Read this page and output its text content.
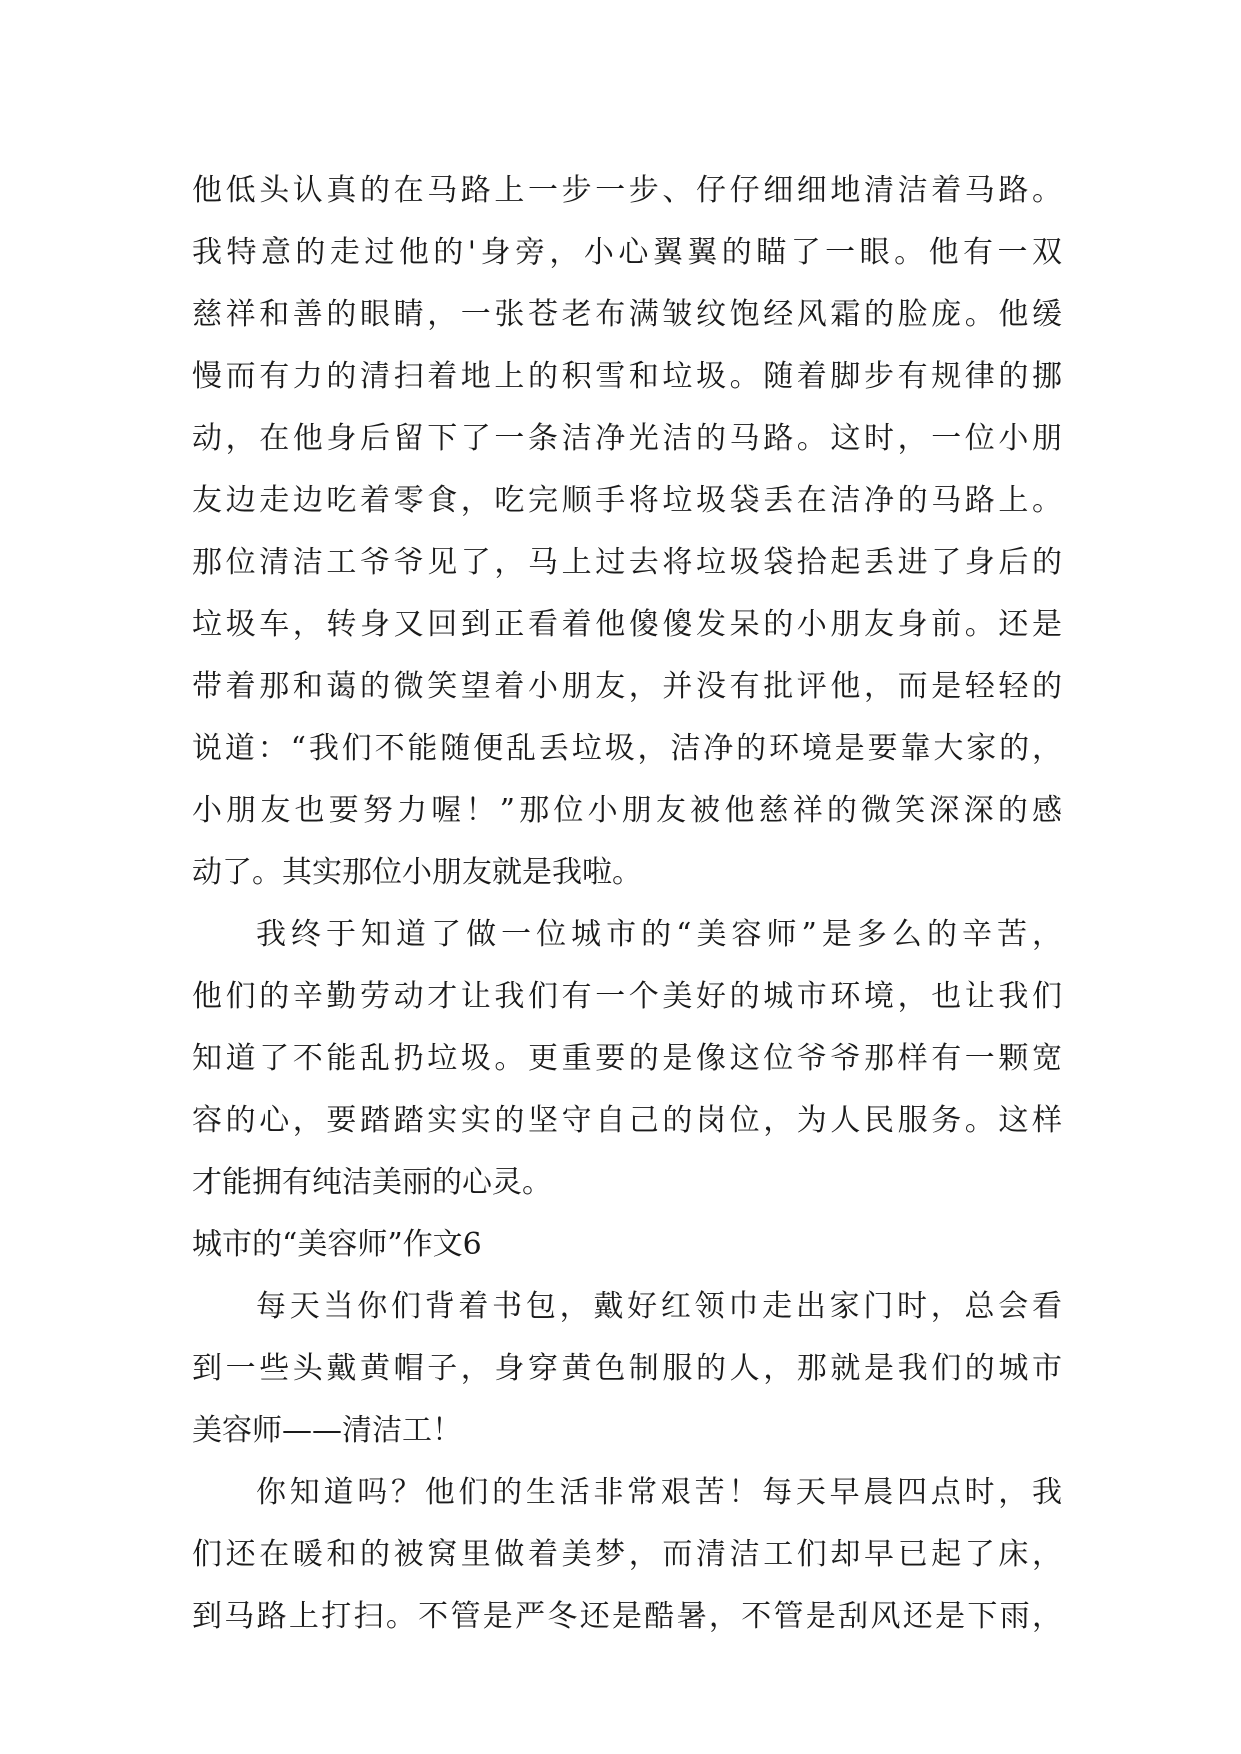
他低头认真的在马路上一步一步、仔仔细细地清洁着马路。
我特意的走过他的'身旁，小心翼翼的瞄了一眼。他有一双
慈祥和善的眼睛，一张苍老布满皱纹饱经风霜的脸庞。他缓
慢而有力的清扫着地上的积雪和垃圾。随着脚步有规律的挪
动，在他身后留下了一条洁净光洁的马路。这时，一位小朋
友边走边吃着零食，吃完顺手将垃圾袋丢在洁净的马路上。
那位清洁工爷爷见了，马上过去将垃圾袋拾起丢进了身后的
垃圾车，转身又回到正看着他傻傻发呆的小朋友身前。还是
带着那和蔼的微笑望着小朋友，并没有批评他，而是轻轻的
说道：“我们不能随便乱丢垃圾，洁净的环境是要靠大家的，
小朋友也要努力喔！”那位小朋友被他慈祥的微笑深深的感
动了。其实那位小朋友就是我啦。
我终于知道了做一位城市的“美容师”是多么的辛苦，
他们的辛勤劳动才让我们有一个美好的城市环境，也让我们
知道了不能乱扔垃圾。更重要的是像这位爷爷那样有一颗宽
容的心，要踏踏实实的坚守自己的岗位，为人民服务。这样
才能拥有纯洁美丽的心灵。
城市的“美容师”作文6
每天当你们背着书包，戴好红领巾走出家门时，总会看
到一些头戴黄帽子，身穿黄色制服的人，那就是我们的城市
美容师——清洁工！
你知道吗？他们的生活非常艰苦！每天早晨四点时，我
们还在暖和的被窝里做着美梦，而清洁工们却早已起了床，
到马路上打扫。不管是严冬还是酷暑，不管是刮风还是下雨，
